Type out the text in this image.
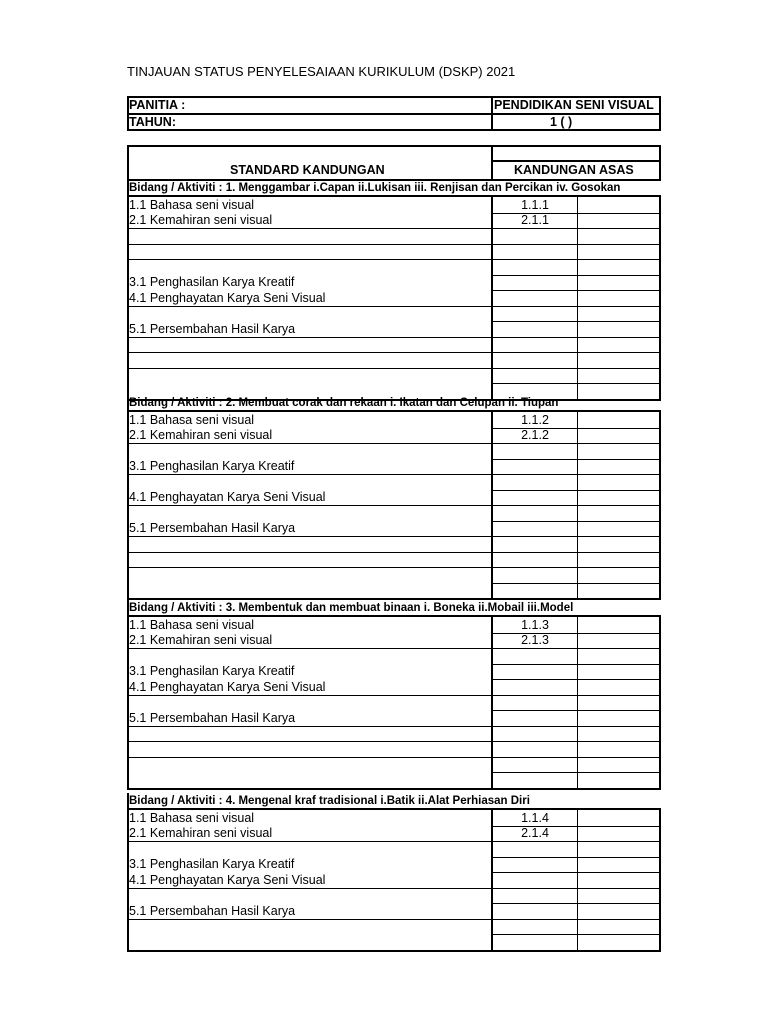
TINJAUAN STATUS PENYELESAIAAN KURIKULUM (DSKP) 2021
PANITIA :	PENDIDIKAN SENI VISUAL
TAHUN:	1 ( )
STANDARD KANDUNGAN	KANDUNGAN ASAS
Bidang / Aktiviti : 1. Menggambar i.Capan ii.Lukisan iii. Renjisan dan Percikan iv. Gosokan
1.1 Bahasa seni visual	1.1.1
2.1 Kemahiran seni visual	2.1.1
3.1 Penghasilan Karya Kreatif
4.1 Penghayatan Karya Seni Visual
5.1 Persembahan Hasil Karya
Bidang / Aktiviti : 2. Membuat corak dan rekaan i. Ikatan dan Celupan ii. Tiupan
1.1 Bahasa seni visual	1.1.2
2.1 Kemahiran seni visual	2.1.2
3.1 Penghasilan Karya Kreatif
4.1 Penghayatan Karya Seni Visual
5.1 Persembahan Hasil Karya
Bidang / Aktiviti : 3. Membentuk dan membuat binaan i. Boneka ii.Mobail iii.Model
1.1 Bahasa seni visual	1.1.3
2.1 Kemahiran seni visual	2.1.3
3.1 Penghasilan Karya Kreatif
4.1 Penghayatan Karya Seni Visual
5.1 Persembahan Hasil Karya
Bidang / Aktiviti : 4. Mengenal kraf tradisional i.Batik ii.Alat Perhiasan Diri
1.1 Bahasa seni visual	1.1.4
2.1 Kemahiran seni visual	2.1.4
3.1 Penghasilan Karya Kreatif
4.1 Penghayatan Karya Seni Visual
5.1 Persembahan Hasil Karya
